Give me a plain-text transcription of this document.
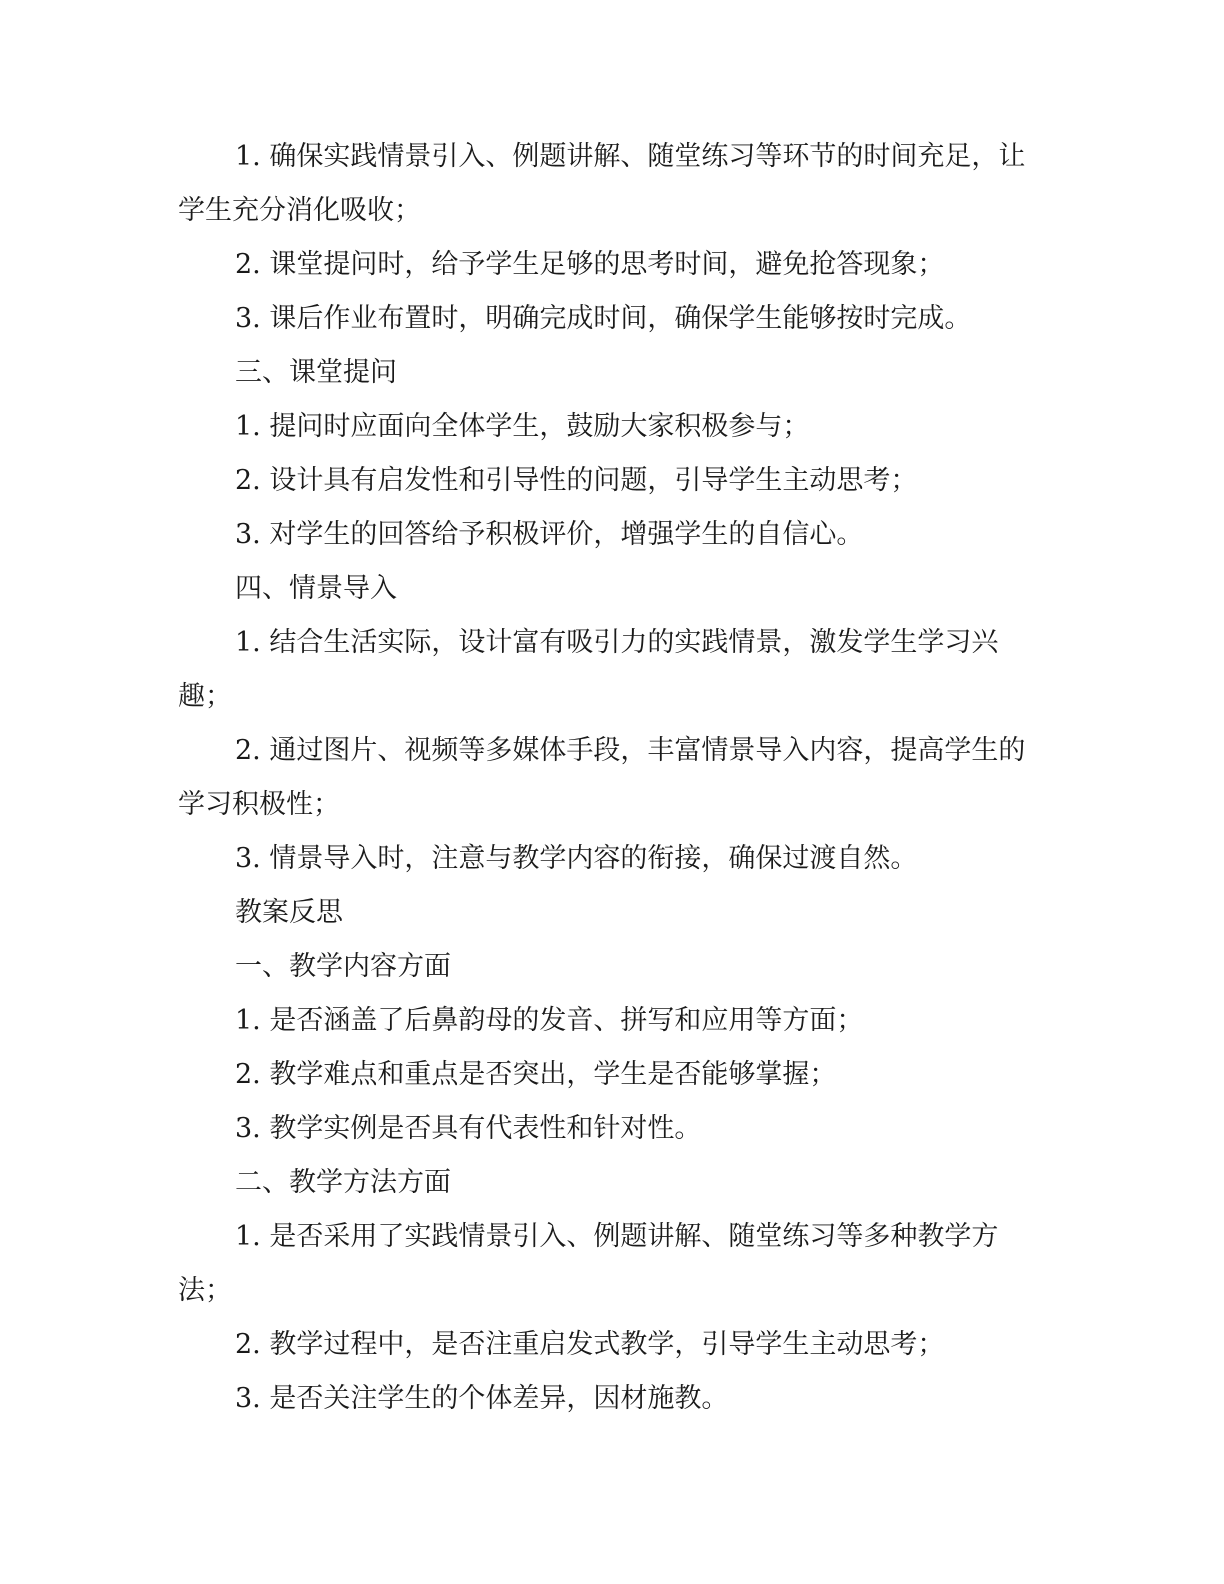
1. 确保实践情景引入、例题讲解、随堂练习等环节的时间充足，让学生充分消化吸收；

2. 课堂提问时，给予学生足够的思考时间，避免抢答现象；

3. 课后作业布置时，明确完成时间，确保学生能够按时完成。

三、课堂提问

1. 提问时应面向全体学生，鼓励大家积极参与；

2. 设计具有启发性和引导性的问题，引导学生主动思考；

3. 对学生的回答给予积极评价，增强学生的自信心。

四、情景导入

1. 结合生活实际，设计富有吸引力的实践情景，激发学生学习兴趣；

2. 通过图片、视频等多媒体手段，丰富情景导入内容，提高学生的学习积极性；

3. 情景导入时，注意与教学内容的衔接，确保过渡自然。

教案反思

一、教学内容方面

1. 是否涵盖了后鼻韵母的发音、拼写和应用等方面；

2. 教学难点和重点是否突出，学生是否能够掌握；

3. 教学实例是否具有代表性和针对性。

二、教学方法方面

1. 是否采用了实践情景引入、例题讲解、随堂练习等多种教学方法；

2. 教学过程中，是否注重启发式教学，引导学生主动思考；

3. 是否关注学生的个体差异，因材施教。
